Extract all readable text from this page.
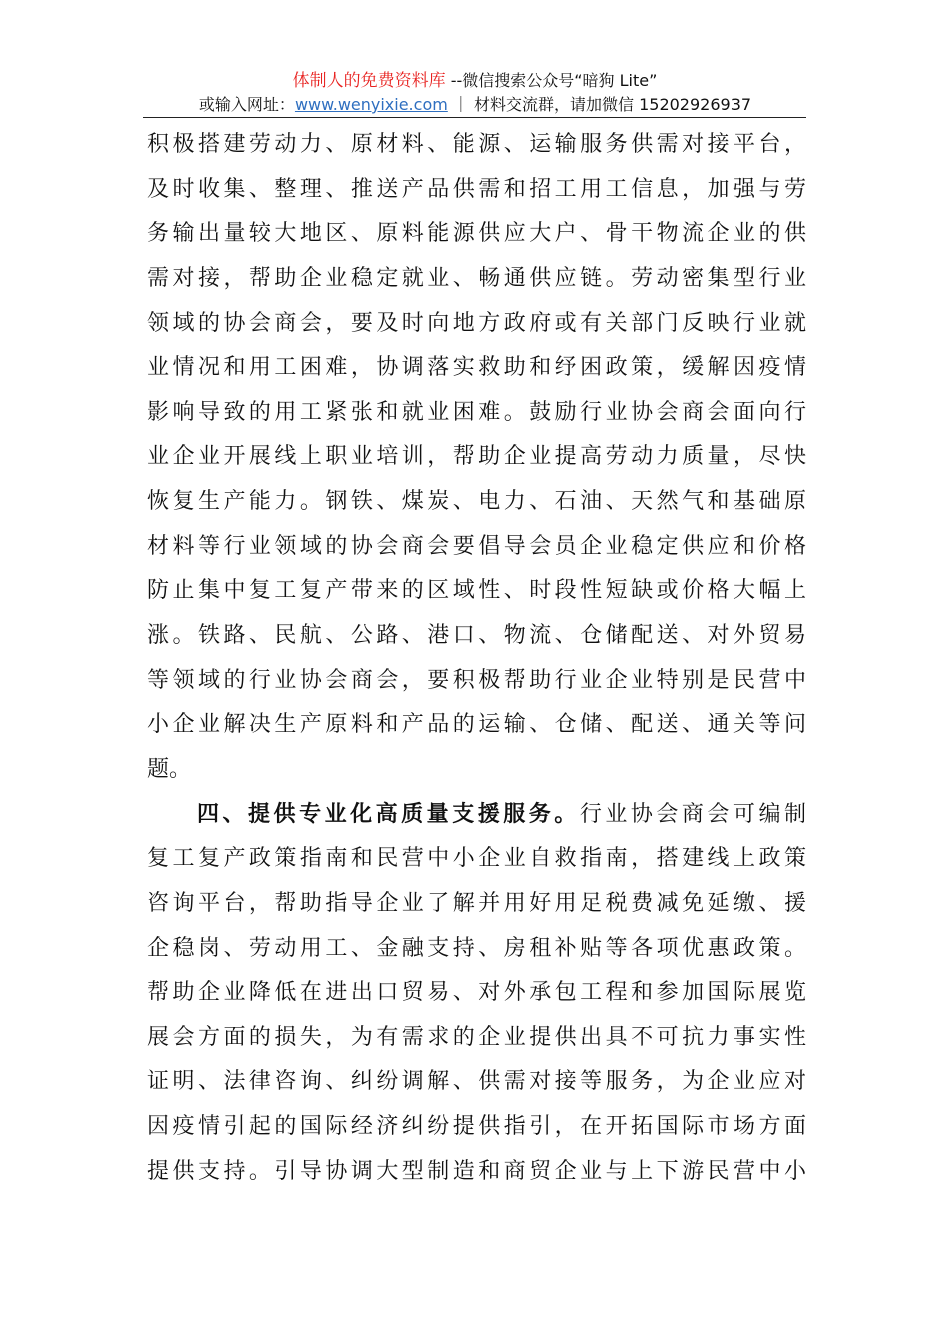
体制人的免费资料库 --微信搜索公众号“暗狗 Lite”
或输入网址：www.wenyixie.com ｜ 材料交流群，请加微信 15202926937
积极搭建劳动力、原材料、能源、运输服务供需对接平台，
及时收集、整理、推送产品供需和招工用工信息，加强与劳
务输出量较大地区、原料能源供应大户、骨干物流企业的供
需对接，帮助企业稳定就业、畅通供应链。劳动密集型行业
领域的协会商会，要及时向地方政府或有关部门反映行业就
业情况和用工困难，协调落实救助和纾困政策，缓解因疫情
影响导致的用工紧张和就业困难。鼓励行业协会商会面向行
业企业开展线上职业培训，帮助企业提高劳动力质量，尽快
恢复生产能力。钢铁、煤炭、电力、石油、天然气和基础原
材料等行业领域的协会商会要倡导会员企业稳定供应和价格
防止集中复工复产带来的区域性、时段性短缺或价格大幅上
涨。铁路、民航、公路、港口、物流、仓储配送、对外贸易
等领域的行业协会商会，要积极帮助行业企业特别是民营中
小企业解决生产原料和产品的运输、仓储、配送、通关等问
题。
四、提供专业化高质量支援服务。行业协会商会可编制
复工复产政策指南和民营中小企业自救指南，搭建线上政策
咨询平台，帮助指导企业了解并用好用足税费减免延缴、援
企稳岗、劳动用工、金融支持、房租补贴等各项优惠政策。
帮助企业降低在进出口贸易、对外承包工程和参加国际展览
展会方面的损失，为有需求的企业提供出具不可抗力事实性
证明、法律咨询、纠纷调解、供需对接等服务，为企业应对
因疫情引起的国际经济纠纷提供指引，在开拓国际市场方面
提供支持。引导协调大型制造和商贸企业与上下游民营中小
